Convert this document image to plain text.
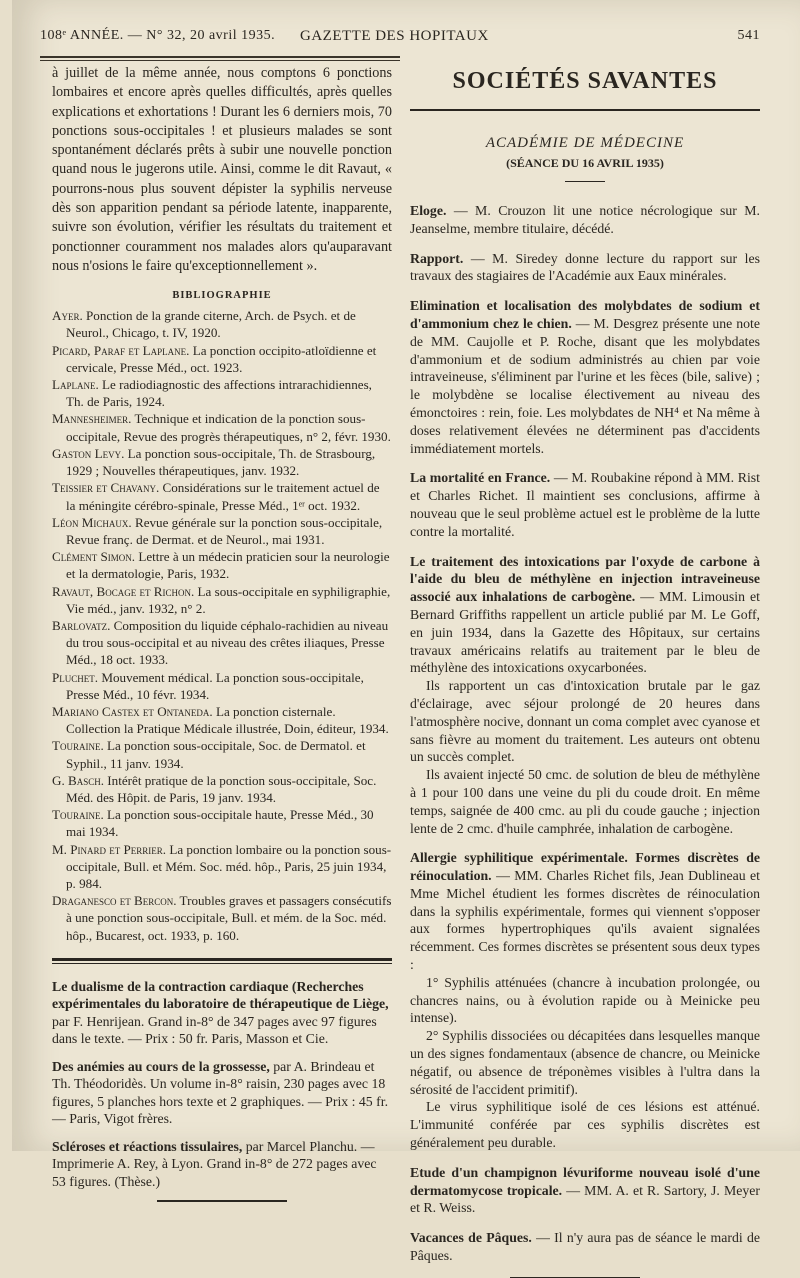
108ᵉ ANNÉE. — N° 32, 20 avril 1935. GAZETTE DES HOPITAUX	541

à juillet de la même année, nous comptons 6 ponctions lombaires et encore après quelles difficultés, après quelles explications et exhortations ! Durant les 6 derniers mois, 70 ponctions sous-occipitales ! et plusieurs malades se sont spontanément déclarés prêts à subir une nouvelle ponction quand nous le jugerons utile. Ainsi, comme le dit Ravaut, « pourrons-nous plus souvent dépister la syphilis nerveuse dès son apparition pendant sa période latente, inapparente, suivre son évolution, vérifier les résultats du traitement et ponctionner couramment nos malades alors qu'auparavant nous n'osions le faire qu'exceptionnellement ».

BIBLIOGRAPHIE

Ayer. Ponction de la grande citerne, Arch. de Psych. et de Neurol., Chicago, t. IV, 1920.

Picard, Paraf et Laplane. La ponction occipito-atloïdienne et cervicale, Presse Méd., oct. 1923.

Laplane. Le radiodiagnostic des affections intrarachidiennes, Th. de Paris, 1924.

Mannesheimer. Technique et indication de la ponction sous-occipitale, Revue des progrès thérapeutiques, n° 2, févr. 1930.

Gaston Levy. La ponction sous-occipitale, Th. de Strasbourg, 1929 ; Nouvelles thérapeutiques, janv. 1932.

Teissier et Chavany. Considérations sur le traitement actuel de la méningite cérébro-spinale, Presse Méd., 1ᵉʳ oct. 1932.

Léon Michaux. Revue générale sur la ponction sous-occipitale, Revue franç. de Dermat. et de Neurol., mai 1931.

Clément Simon. Lettre à un médecin praticien sour la neurologie et la dermatologie, Paris, 1932.

Ravaut, Bocage et Richon. La sous-occipitale en syphiligraphie, Vie méd., janv. 1932, n° 2.

Barlovatz. Composition du liquide céphalo-rachidien au niveau du trou sous-occipital et au niveau des crêtes iliaques, Presse Méd., 18 oct. 1933.

Pluchet. Mouvement médical. La ponction sous-occipitale, Presse Méd., 10 févr. 1934.

Mariano Castex et Ontaneda. La ponction cisternale. Collection la Pratique Médicale illustrée, Doin, éditeur, 1934.

Touraine. La ponction sous-occipitale, Soc. de Dermatol. et Syphil., 11 janv. 1934.

G. Basch. Intérêt pratique de la ponction sous-occipitale, Soc. Méd. des Hôpit. de Paris, 19 janv. 1934.

Touraine. La ponction sous-occipitale haute, Presse Méd., 30 mai 1934.

M. Pinard et Perrier. La ponction lombaire ou la ponction sous-occipitale, Bull. et Mém. Soc. méd. hôp., Paris, 25 juin 1934, p. 984.

Draganesco et Bercon. Troubles graves et passagers consécutifs à une ponction sous-occipitale, Bull. et mém. de la Soc. méd. hôp., Bucarest, oct. 1933, p. 160.

Le dualisme de la contraction cardiaque (Recherches expérimentales du laboratoire de thérapeutique de Liège, par F. Henrijean. Grand in-8° de 347 pages avec 97 figures dans le texte. — Prix : 50 fr. Paris, Masson et Cie.

Des anémies au cours de la grossesse, par A. Brindeau et Th. Théodoridès. Un volume in-8° raisin, 230 pages avec 18 figures, 5 planches hors texte et 2 graphiques. — Prix : 45 fr. — Paris, Vigot frères.

Scléroses et réactions tissulaires, par Marcel Planchu. — Imprimerie A. Rey, à Lyon. Grand in-8° de 272 pages avec 53 figures. (Thèse.)

SOCIÉTÉS SAVANTES
ACADÉMIE DE MÉDECINE
(SÉANCE DU 16 AVRIL 1935)

Eloge. — M. Crouzon lit une notice nécrologique sur M. Jeanselme, membre titulaire, décédé.

Rapport. — M. Siredey donne lecture du rapport sur les travaux des stagiaires de l'Académie aux Eaux minérales.

Elimination et localisation des molybdates de sodium et d'ammonium chez le chien. — M. Desgrez présente une note de MM. Caujolle et P. Roche, disant que les molybdates d'ammonium et de sodium administrés au chien par voie intraveineuse, s'éliminent par l'urine et les fèces (bile, salive) ; le molybdène se localise électivement au niveau des émonctoires : rein, foie. Les molybdates de NH⁴ et Na même à doses relativement élevées ne déterminent pas d'accidents immédiatement mortels.

La mortalité en France. — M. Roubakine répond à MM. Rist et Charles Richet. Il maintient ses conclusions, affirme à nouveau que le seul problème actuel est le problème de la lutte contre la mortalité.

Le traitement des intoxications par l'oxyde de carbone à l'aide du bleu de méthylène en injection intraveineuse associé aux inhalations de carbogène. — MM. Limousin et Bernard Griffiths rappellent un article publié par M. Le Goff, en juin 1934, dans la Gazette des Hôpitaux, sur certains travaux américains relatifs au traitement par le bleu de méthylène des intoxications oxycarbonées.

Ils rapportent un cas d'intoxication brutale par le gaz d'éclairage, avec séjour prolongé de 20 heures dans l'atmosphère nocive, donnant un coma complet avec cyanose et sans fièvre au moment du traitement. Les auteurs ont obtenu un succès complet.

Ils avaient injecté 50 cmc. de solution de bleu de méthylène à 1 pour 100 dans une veine du pli du coude droit. En même temps, saignée de 400 cmc. au pli du coude gauche ; injection lente de 2 cmc. d'huile camphrée, inhalation de carbogène.

Allergie syphilitique expérimentale. Formes discrètes de réinoculation. — MM. Charles Richet fils, Jean Dublineau et Mme Michel étudient les formes discrètes de réinoculation dans la syphilis expérimentale, formes qui viennent s'opposer aux formes hypertrophiques qu'ils avaient signalées récemment. Ces formes discrètes se présentent sous deux types :

1° Syphilis atténuées (chancre à incubation prolongée, ou chancres nains, ou à évolution rapide ou à Meinicke peu intense).

2° Syphilis dissociées ou décapitées dans lesquelles manque un des signes fondamentaux (absence de chancre, ou Meinicke négatif, ou absence de tréponèmes visibles à l'ultra dans la sérosité de l'accident primitif).

Le virus syphilitique isolé de ces lésions est atténué. L'immunité conférée par ces syphilis discrètes est généralement peu durable.

Etude d'un champignon lévuriforme nouveau isolé d'une dermatomycose tropicale. — MM. A. et R. Sartory, J. Meyer et R. Weiss.

Vacances de Pâques. — Il n'y aura pas de séance le mardi de Pâques.
